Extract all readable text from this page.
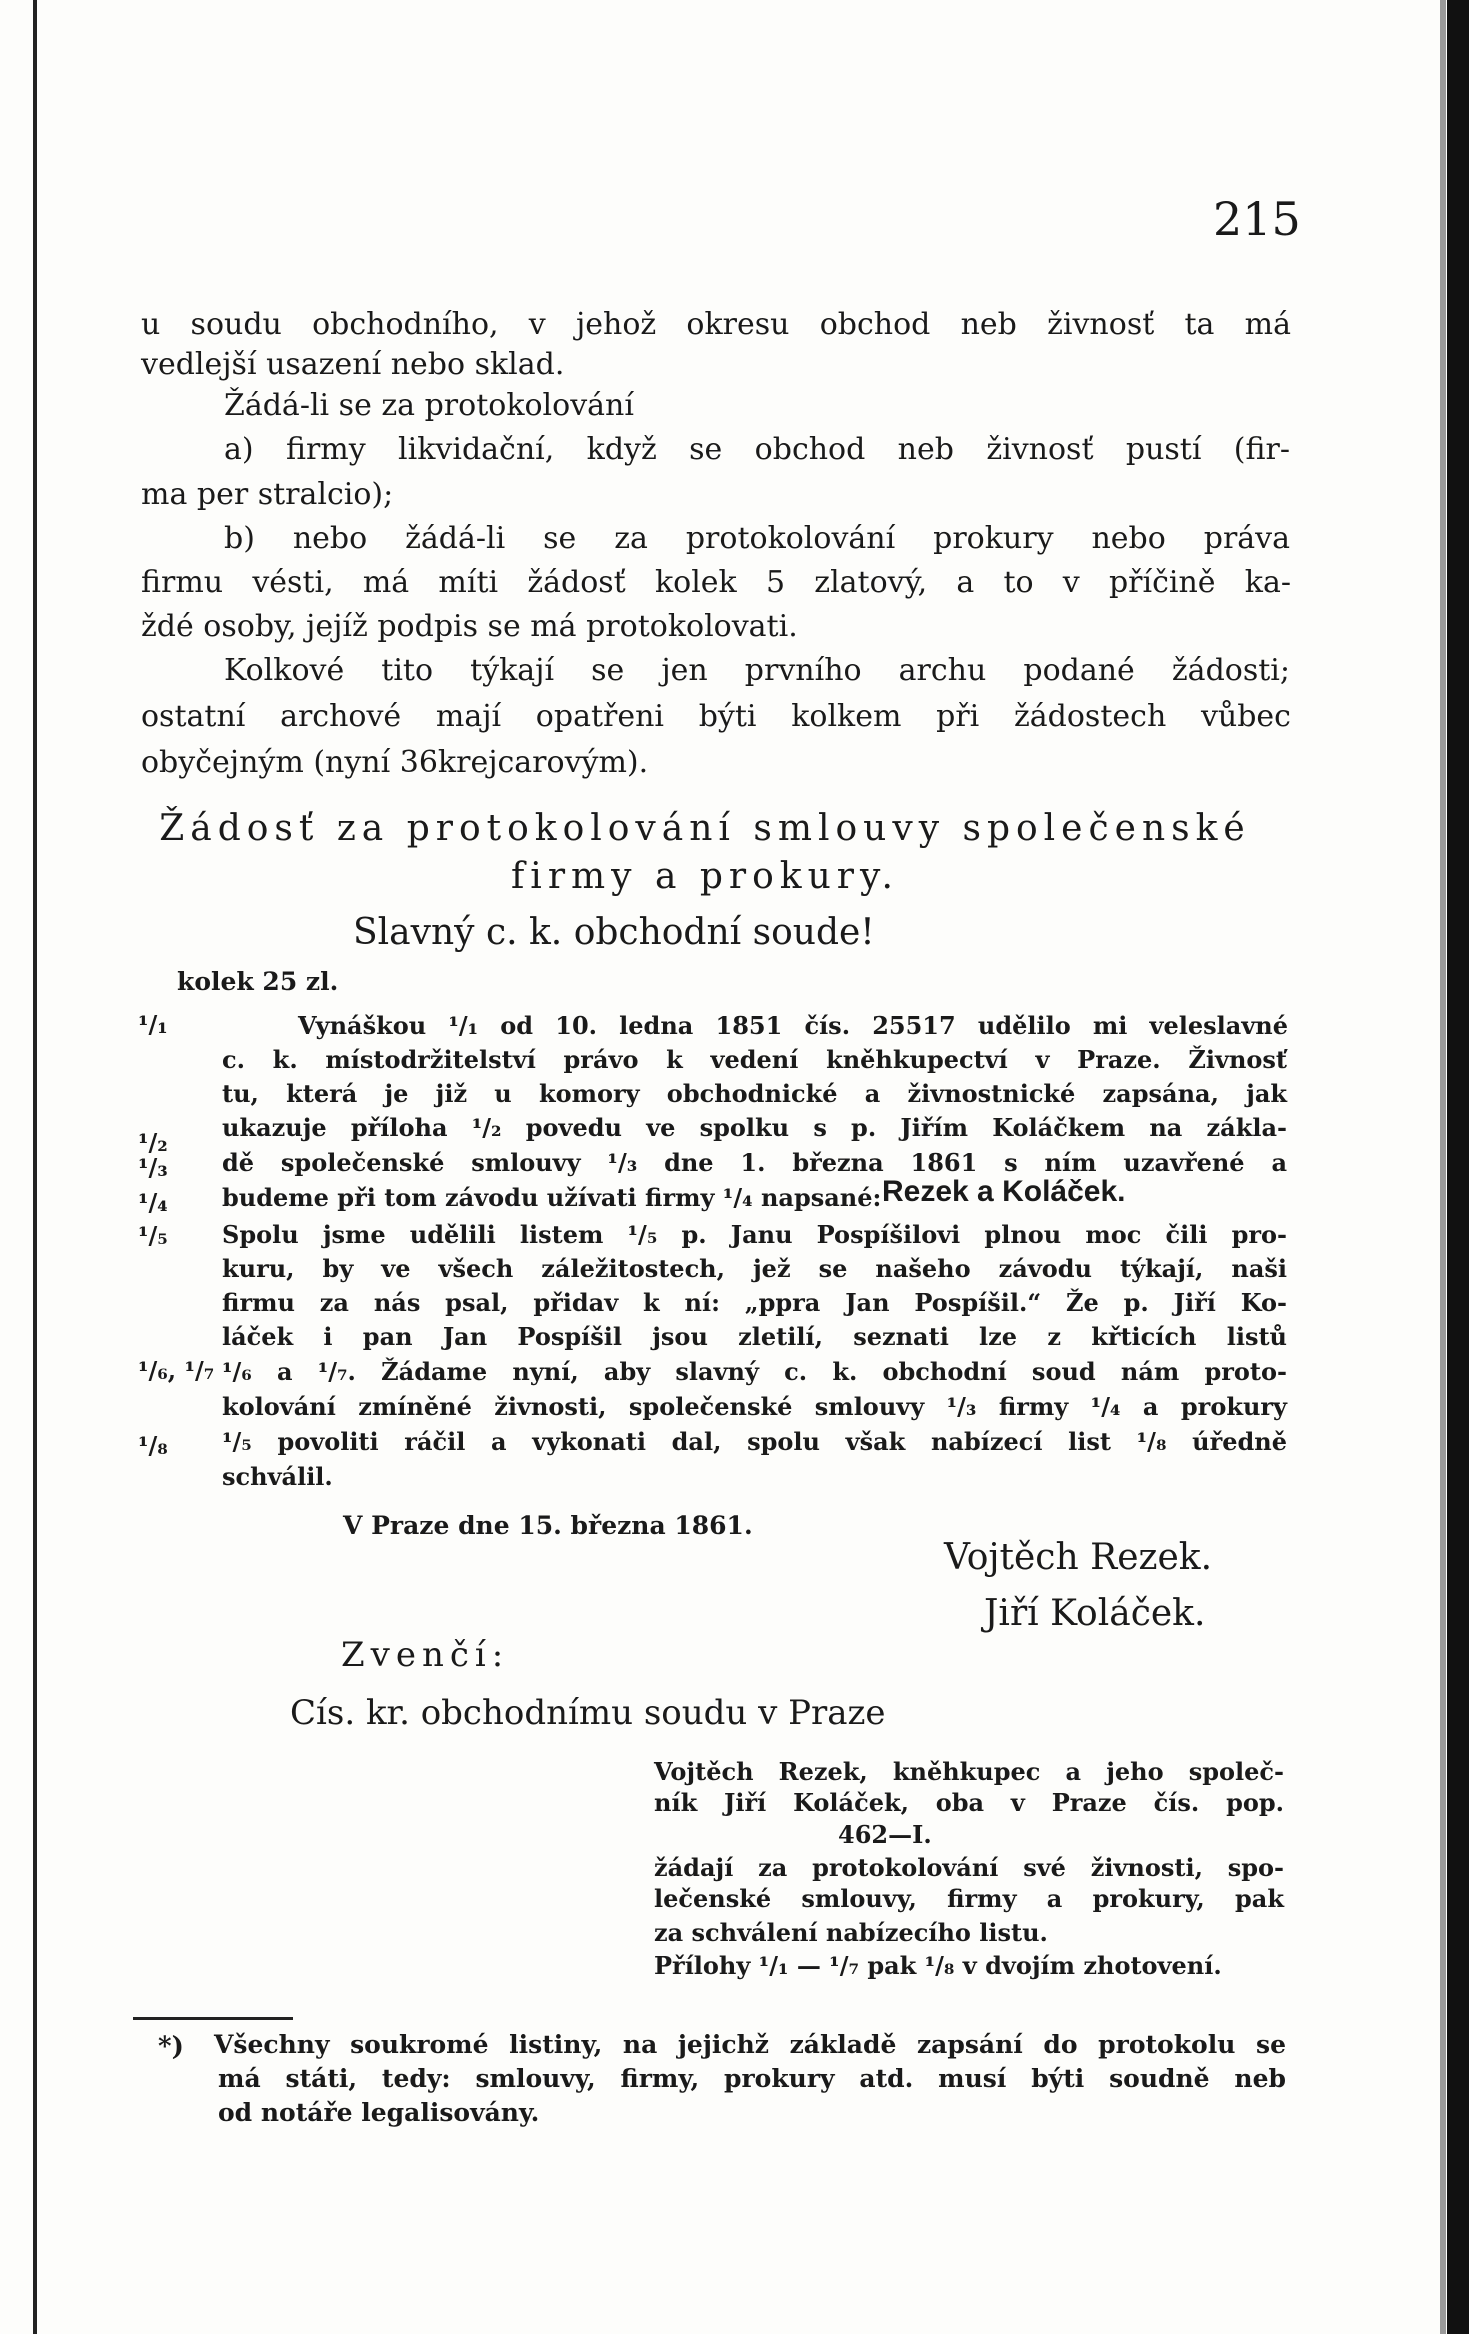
215
u soudu obchodního, v jehož okresu obchod neb živnosť ta má
vedlejší usazení nebo sklad.
Žádá-li se za protokolování
a) firmy likvidační, když se obchod neb živnosť pustí (fir-
ma per stralcio);
b) nebo žádá-li se za protokolování prokury nebo práva
firmu vésti, má míti žádosť kolek 5 zlatový, a to v příčině ka-
ždé osoby, jejíž podpis se má protokolovati.
Kolkové tito týkají se jen prvního archu podané žádosti;
ostatní archové mají opatřeni býti kolkem při žádostech vůbec
obyčejným (nyní 36krejcarovým).
Žádosť za protokolování smlouvy společenské
firmy a prokury.
Slavný c. k. obchodní soude!
kolek 25 zl.
¹/₁
¹/₂
¹/₃
¹/₄
¹/₅
¹/₆, ¹/₇
¹/₈
Vynáškou ¹/₁ od 10. ledna 1851 čís. 25517 udělilo mi veleslavné
c. k. místodržitelství právo k vedení kněhkupectví v Praze. Živnosť
tu, která je již u komory obchodnické a živnostnické zapsána, jak
ukazuje příloha ¹/₂ povedu ve spolku s p. Jiřím Koláčkem na zákla-
dě společenské smlouvy ¹/₃ dne 1. března 1861 s ním uzavřené a
budeme při tom závodu užívati firmy ¹/₄ napsané: Rezek a Koláček.
Spolu jsme udělili listem ¹/₅ p. Janu Pospíšilovi plnou moc čili pro-
kuru, by ve všech záležitostech, jež se našeho závodu týkají, naši
firmu za nás psal, přidav k ní: „ppra Jan Pospíšil.“ Že p. Jiří Ko-
láček i pan Jan Pospíšil jsou zletilí, seznati lze z křticích listů
¹/₆ a ¹/₇. Žádame nyní, aby slavný c. k. obchodní soud nám proto-
kolování zmíněné živnosti, společenské smlouvy ¹/₃ firmy ¹/₄ a prokury
¹/₅ povoliti ráčil a vykonati dal, spolu však nabízecí list ¹/₈ úředně
schválil.
V Praze dne 15. března 1861.
Vojtěch Rezek.
Jiří Koláček.
Zvenčí:
Cís. kr. obchodnímu soudu v Praze
Vojtěch Rezek, kněhkupec a jeho společ-
ník Jiří Koláček, oba v Praze čís. pop.
462—I.
žádají za protokolování své živnosti, spo-
lečenské smlouvy, firmy a prokury, pak
za schválení nabízecího listu.
Přílohy ¹/₁ — ¹/₇ pak ¹/₈ v dvojím zhotovení.
*) Všechny soukromé listiny, na jejichž základě zapsání do protokolu se
má státi, tedy: smlouvy, firmy, prokury atd. musí býti soudně neb
od notáře legalisovány.
